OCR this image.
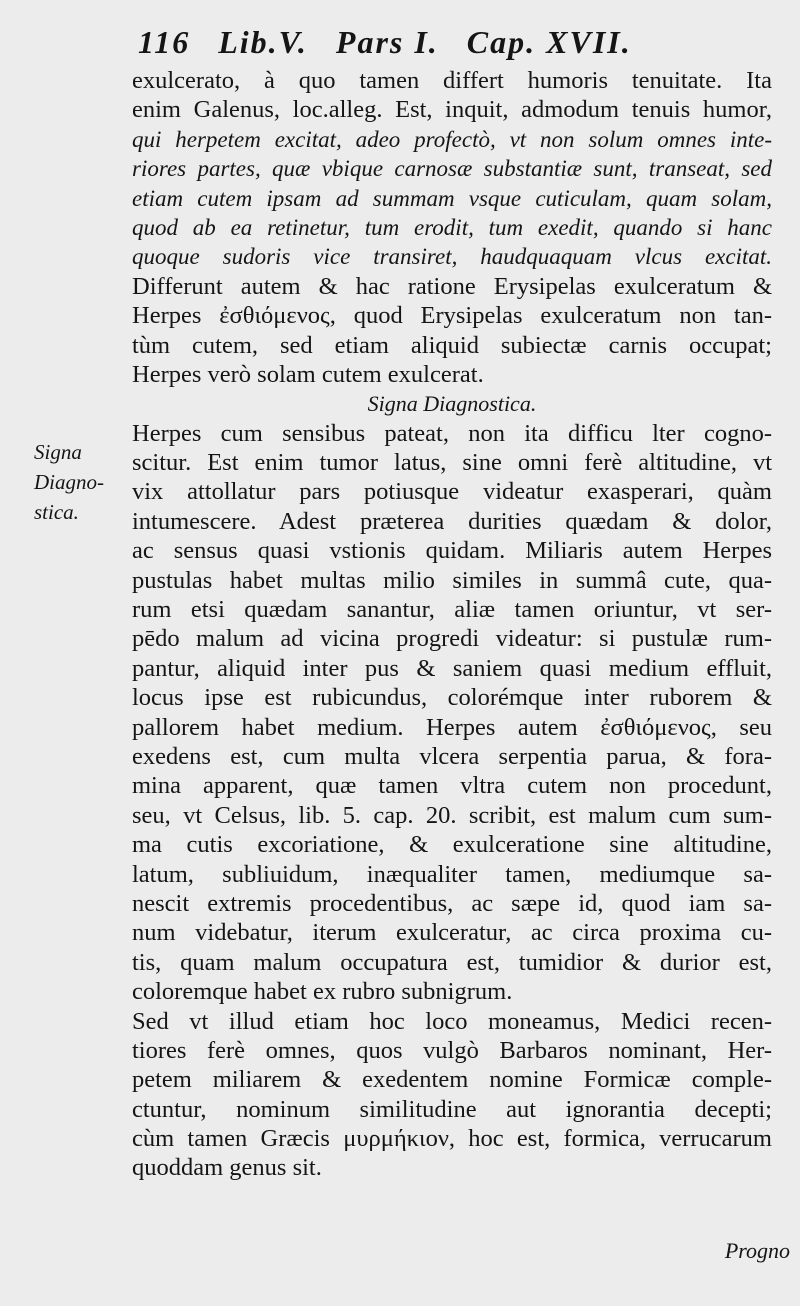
116 Lib.V. Pars I. Cap. XVII.
Signa
Diagno-
stica.
exulcerato, à quo tamen differt humoris tenuitate. Ita
enim Galenus, loc.alleg. Est, inquit, admodum tenuis humor,
qui herpetem excitat, adeo profectò, vt non solum omnes inte-
riores partes, quæ vbique carnosæ substantiæ sunt, transeat, sed
etiam cutem ipsam ad summam vsque cuticulam, quam solam,
quod ab ea retinetur, tum erodit, tum exedit, quando si hanc
quoque sudoris vice transiret, haudquaquam vlcus excitat.
Differunt autem & hac ratione Erysipelas exulceratum &
Herpes ἐσθιόμενος, quod Erysipelas exulceratum non tan-
tùm cutem, sed etiam aliquid subiectæ carnis occupat;
Herpes verò solam cutem exulcerat.
Signa Diagnostica.
Herpes cum sensibus pateat, non ita difficu lter cogno-
scitur. Est enim tumor latus, sine omni ferè altitudine, vt
vix attollatur pars potiusque videatur exasperari, quàm
intumescere. Adest præterea durities quædam & dolor,
ac sensus quasi vstionis quidam. Miliaris autem Herpes
pustulas habet multas milio similes in summâ cute, qua-
rum etsi quædam sanantur, aliæ tamen oriuntur, vt ser-
pēdo malum ad vicina progredi videatur: si pustulæ rum-
pantur, aliquid inter pus & saniem quasi medium effluit,
locus ipse est rubicundus, colorémque inter ruborem &
pallorem habet medium. Herpes autem ἐσθιόμενος, seu
exedens est, cum multa vlcera serpentia parua, & fora-
mina apparent, quæ tamen vltra cutem non procedunt,
seu, vt Celsus, lib. 5. cap. 20. scribit, est malum cum sum-
ma cutis excoriatione, & exulceratione sine altitudine,
latum, subliuidum, inæqualiter tamen, mediumque sa-
nescit extremis procedentibus, ac sæpe id, quod iam sa-
num videbatur, iterum exulceratur, ac circa proxima cu-
tis, quam malum occupatura est, tumidior & durior est,
coloremque habet ex rubro subnigrum.
Sed vt illud etiam hoc loco moneamus, Medici recen-
tiores ferè omnes, quos vulgò Barbaros nominant, Her-
petem miliarem & exedentem nomine Formicæ comple-
ctuntur, nominum similitudine aut ignorantia decepti;
cùm tamen Græcis μυρμήκιον, hoc est, formica, verrucarum
quoddam genus sit.
Progno
